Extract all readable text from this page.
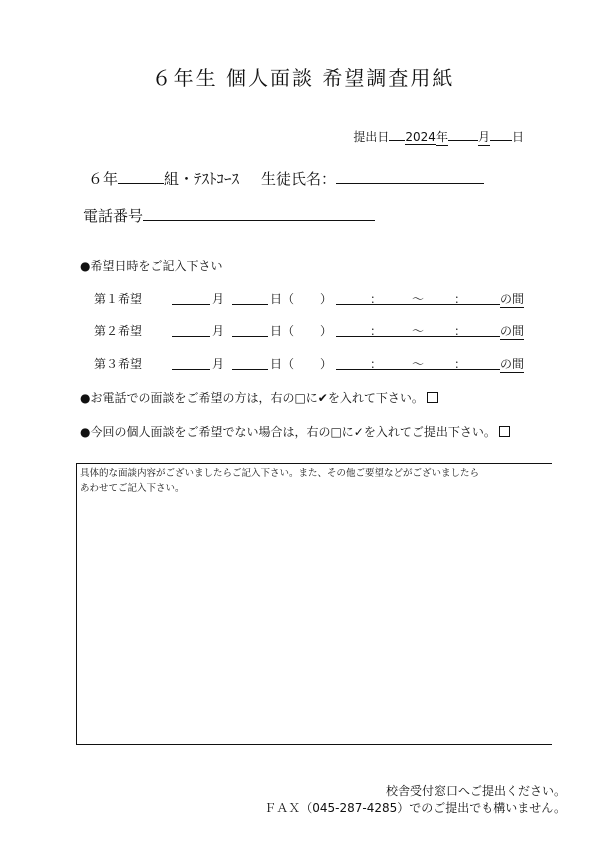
６年生 個人面談 希望調査用紙
提出日 2024年	月 日
６年	組・ﾃｽﾄｺｰｽ 生徒氏名：
電話番号
●希望日時をご記入下さい
第１希望	月	日（ ）	： ～ ：	の間
第２希望	月	日（ ）	： ～ ：	の間
第３希望	月	日（ ）	： ～ ：	の間
●お電話での面談をご希望の方は，右の□に✔を入れて下さい。
●今回の個人面談をご希望でない場合は，右の□に✓を入れてご提出下さい。
具体的な面談内容がございましたらご記入下さい。また、その他ご要望などがございましたら
あわせてご記入下さい。
校舎受付窓口へご提出ください。
ＦＡＸ（045-287-4285）でのご提出でも構いません。
